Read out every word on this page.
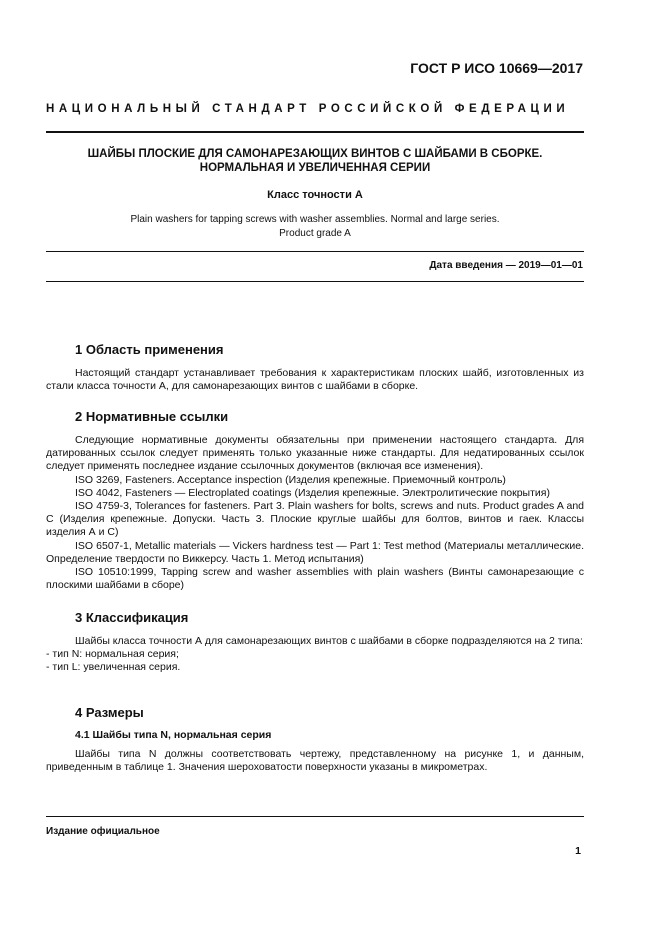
ГОСТ Р ИСО 10669—2017
НАЦИОНАЛЬНЫЙ СТАНДАРТ РОССИЙСКОЙ ФЕДЕРАЦИИ
ШАЙБЫ ПЛОСКИЕ ДЛЯ САМОНАРЕЗАЮЩИХ ВИНТОВ С ШАЙБАМИ В СБОРКЕ.
НОРМАЛЬНАЯ И УВЕЛИЧЕННАЯ СЕРИИ
Класс точности А
Plain washers for tapping screws with washer assemblies. Normal and large series.
Product grade A
Дата введения — 2019—01—01
1 Область применения

Настоящий стандарт устанавливает требования к характеристикам плоских шайб, изготовленных из стали класса точности А, для самонарезающих винтов с шайбами в сборке.

2 Нормативные ссылки

Следующие нормативные документы обязательны при применении настоящего стандарта. Для датированных ссылок следует применять только указанные ниже стандарты. Для недатированных ссылок следует применять последнее издание ссылочных документов (включая все изменения).

ISO 3269, Fasteners. Acceptance inspection (Изделия крепежные. Приемочный контроль)

ISO 4042, Fasteners — Electroplated coatings (Изделия крепежные. Электролитические покрытия)

ISO 4759-3, Tolerances for fasteners. Part 3. Plain washers for bolts, screws and nuts. Product grades A and C (Изделия крепежные. Допуски. Часть 3. Плоские круглые шайбы для болтов, винтов и гаек. Классы изделия А и С)

ISO 6507-1, Metallic materials — Vickers hardness test — Part 1: Test method (Материалы металлические. Определение твердости по Виккерсу. Часть 1. Метод испытания)

ISO 10510:1999, Tapping screw and washer assemblies with plain washers (Винты самонарезающие с плоскими шайбами в сборе)

3 Классификация

Шайбы класса точности А для самонарезающих винтов с шайбами в сборке подразделяются на 2 типа:

- тип N: нормальная серия;

- тип L: увеличенная серия.

4 Размеры
4.1 Шайбы типа N, нормальная серия

Шайбы типа N должны соответствовать чертежу, представленному на рисунке 1, и данным, приведенным в таблице 1. Значения шероховатости поверхности указаны в микрометрах.

Издание официальное
1
